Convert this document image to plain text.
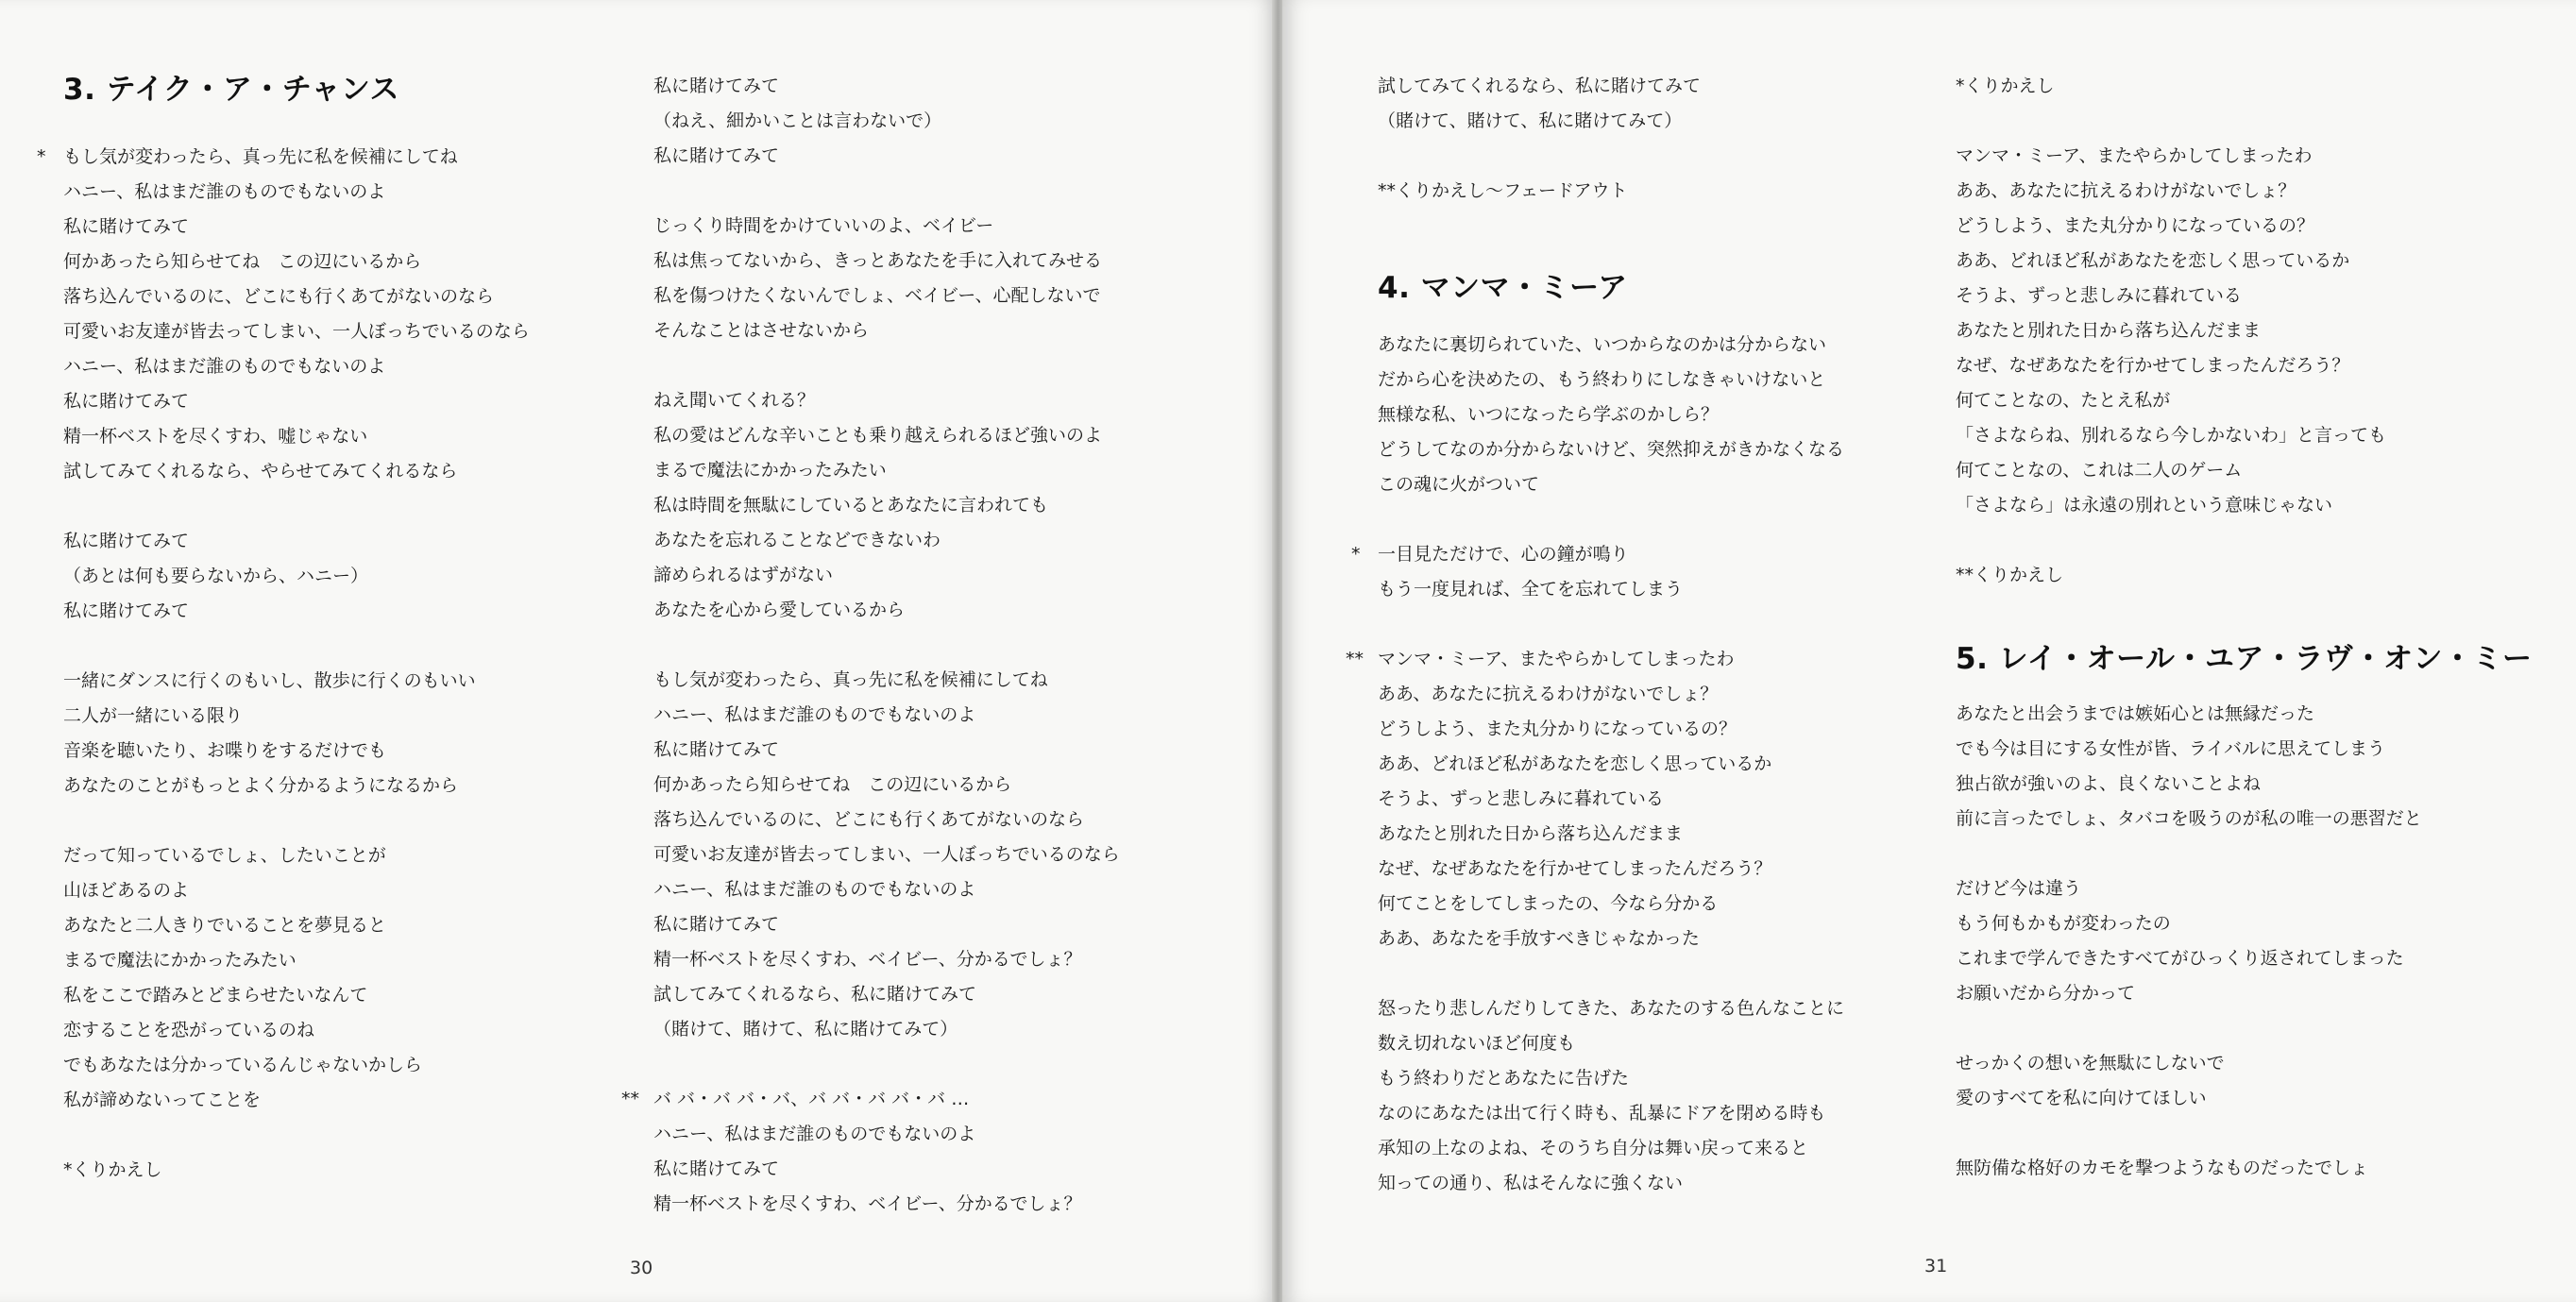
3. テイク・ア・チャンス
* もし気が変わったら、真っ先に私を候補にしてね
ハニー、私はまだ誰のものでもないのよ
私に賭けてみて
何かあったら知らせてね　この辺にいるから
落ち込んでいるのに、どこにも行くあてがないのなら
可愛いお友達が皆去ってしまい、一人ぼっちでいるのなら
ハニー、私はまだ誰のものでもないのよ
私に賭けてみて
精一杯ベストを尽くすわ、嘘じゃない
試してみてくれるなら、やらせてみてくれるなら
私に賭けてみて
（あとは何も要らないから、ハニー）
私に賭けてみて
一緒にダンスに行くのもいし、散歩に行くのもいい
二人が一緒にいる限り
音楽を聴いたり、お喋りをするだけでも
あなたのことがもっとよく分かるようになるから
だって知っているでしょ、したいことが
山ほどあるのよ
あなたと二人きりでいることを夢見ると
まるで魔法にかかったみたい
私をここで踏みとどまらせたいなんて
恋することを恐がっているのね
でもあなたは分かっているんじゃないかしら
私が諦めないってことを
*くりかえし
私に賭けてみて
（ねえ、細かいことは言わないで）
私に賭けてみて
じっくり時間をかけていいのよ、ベイビー
私は焦ってないから、きっとあなたを手に入れてみせる
私を傷つけたくないんでしょ、ベイビー、心配しないで
そんなことはさせないから
ねえ聞いてくれる？
私の愛はどんな辛いことも乗り越えられるほど強いのよ
まるで魔法にかかったみたい
私は時間を無駄にしているとあなたに言われても
あなたを忘れることなどできないわ
諦められるはずがない
あなたを心から愛しているから
もし気が変わったら、真っ先に私を候補にしてね
ハニー、私はまだ誰のものでもないのよ
私に賭けてみて
何かあったら知らせてね　この辺にいるから
落ち込んでいるのに、どこにも行くあてがないのなら
可愛いお友達が皆去ってしまい、一人ぼっちでいるのなら
ハニー、私はまだ誰のものでもないのよ
私に賭けてみて
精一杯ベストを尽くすわ、ベイビー、分かるでしょ？
試してみてくれるなら、私に賭けてみて
（賭けて、賭けて、私に賭けてみて）
** バ バ・バ バ・バ、バ バ・バ バ・バ …
ハニー、私はまだ誰のものでもないのよ
私に賭けてみて
精一杯ベストを尽くすわ、ベイビー、分かるでしょ？
30
試してみてくれるなら、私に賭けてみて
（賭けて、賭けて、私に賭けてみて）
**くりかえし～フェードアウト
4. マンマ・ミーア
あなたに裏切られていた、いつからなのかは分からない
だから心を決めたの、もう終わりにしなきゃいけないと
無様な私、いつになったら学ぶのかしら？
どうしてなのか分からないけど、突然抑えがきかなくなる
この魂に火がついて
* 一目見ただけで、心の鐘が鳴り
もう一度見れば、全てを忘れてしまう
** マンマ・ミーア、またやらかしてしまったわ
ああ、あなたに抗えるわけがないでしょ？
どうしよう、また丸分かりになっているの？
ああ、どれほど私があなたを恋しく思っているか
そうよ、ずっと悲しみに暮れている
あなたと別れた日から落ち込んだまま
なぜ、なぜあなたを行かせてしまったんだろう？
何てことをしてしまったの、今なら分かる
ああ、あなたを手放すべきじゃなかった
怒ったり悲しんだりしてきた、あなたのする色んなことに
数え切れないほど何度も
もう終わりだとあなたに告げた
なのにあなたは出て行く時も、乱暴にドアを閉める時も
承知の上なのよね、そのうち自分は舞い戻って来ると
知っての通り、私はそんなに強くない
*くりかえし
マンマ・ミーア、またやらかしてしまったわ
ああ、あなたに抗えるわけがないでしょ？
どうしよう、また丸分かりになっているの？
ああ、どれほど私があなたを恋しく思っているか
そうよ、ずっと悲しみに暮れている
あなたと別れた日から落ち込んだまま
なぜ、なぜあなたを行かせてしまったんだろう？
何てことなの、たとえ私が
「さよならね、別れるなら今しかないわ」と言っても
何てことなの、これは二人のゲーム
「さよなら」は永遠の別れという意味じゃない
**くりかえし
5. レイ・オール・ユア・ラヴ・オン・ミー
あなたと出会うまでは嫉妬心とは無縁だった
でも今は目にする女性が皆、ライバルに思えてしまう
独占欲が強いのよ、良くないことよね
前に言ったでしょ、タバコを吸うのが私の唯一の悪習だと
だけど今は違う
もう何もかもが変わったの
これまで学んできたすべてがひっくり返されてしまった
お願いだから分かって
せっかくの想いを無駄にしないで
愛のすべてを私に向けてほしい
無防備な格好のカモを撃つようなものだったでしょ
31
